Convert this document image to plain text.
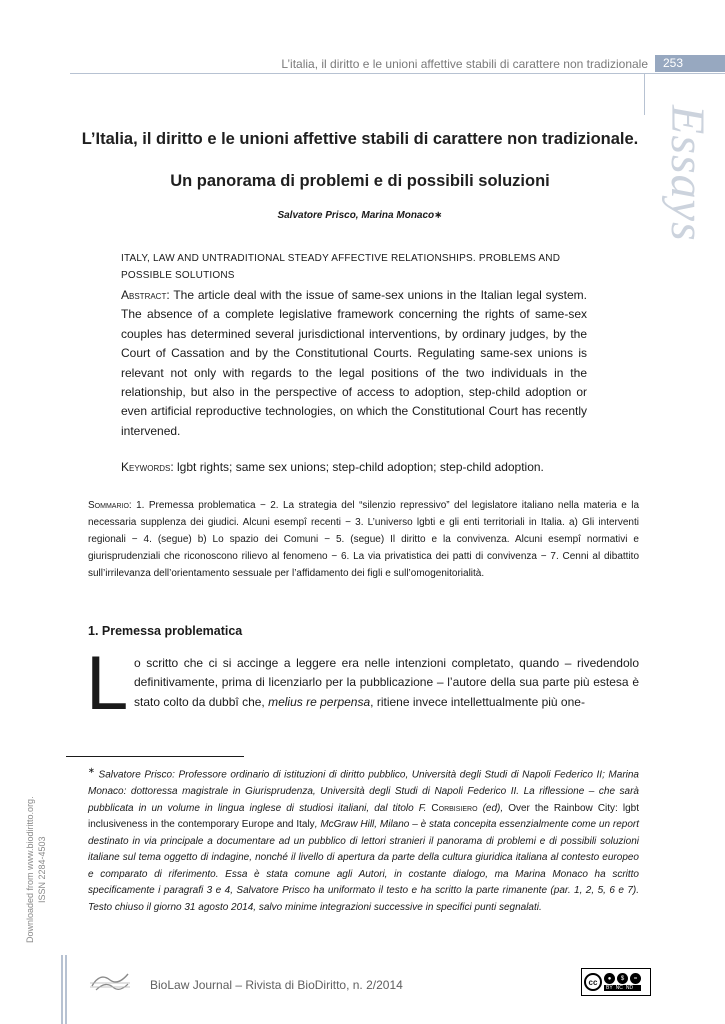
L’italia, il diritto e le unioni affettive stabili di carattere non tradizionale	253
Essays
L’Italia, il diritto e le unioni affettive stabili di carattere non tradizionale.
Un panorama di problemi e di possibili soluzioni
Salvatore Prisco, Marina Monaco∗
ITALY, LAW AND UNTRADITIONAL STEADY AFFECTIVE RELATIONSHIPS. PROBLEMS AND POSSIBLE SOLUTIONS
Abstract: The article deal with the issue of same-sex unions in the Italian legal system. The absence of a complete legislative framework concerning the rights of same-sex couples has determined several jurisdictional interventions, by ordinary judges, by the Court of Cassation and by the Constitutional Courts. Regulating same-sex unions is relevant not only with regards to the legal positions of the two individuals in the relationship, but also in the perspective of access to adoption, step-child adoption or even artificial reproductive technologies, on which the Constitutional Court has recently intervened.
Keywords: lgbt rights; same sex unions; step-child adoption; step-child adoption.
Sommario: 1. Premessa problematica − 2. La strategia del “silenzio repressivo” del legislatore italiano nella materia e la necessaria supplenza dei giudici. Alcuni esempî recenti − 3. L’universo lgbti e gli enti territoriali in Italia. a) Gli interventi regionali − 4. (segue) b) Lo spazio dei Comuni − 5. (segue) Il diritto e la convivenza. Alcuni esempî normativi e giurisprudenziali che riconoscono rilievo al fenomeno − 6. La via privatistica dei patti di convivenza − 7. Cenni al dibattito sull’irrilevanza dell’orientamento sessuale per l’affidamento dei figli e sull’omogenitorialità.
1. Premessa problematica
L o scritto che ci si accinge a leggere era nelle intenzioni completato, quando – rivedendolo definitivamente, prima di licenziarlo per la pubblicazione – l’autore della sua parte più estesa è stato colto da dubbî che, melius re perpensa, ritiene invece intellettualmente più one-
∗ Salvatore Prisco: Professore ordinario di istituzioni di diritto pubblico, Università degli Studi di Napoli Federico II; Marina Monaco: dottoressa magistrale in Giurisprudenza, Università degli Studi di Napoli Federico II. La riflessione – che sarà pubblicata in un volume in lingua inglese di studiosi italiani, dal titolo F. Corbisiero (ed), Over the Rainbow City: lgbt inclusiveness in the contemporary Europe and Italy, McGraw Hill, Milano – è stata concepita essenzialmente come un report destinato in via principale a documentare ad un pubblico di lettori stranieri il panorama di problemi e di possibili soluzioni italiane sul tema oggetto di indagine, nonché il livello di apertura da parte della cultura giuridica italiana al contesto europeo e comparato di riferimento. Essa è stata comune agli Autori, in costante dialogo, ma Marina Monaco ha scritto specificamente i paragrafi 3 e 4, Salvatore Prisco ha uniformato il testo e ha scritto la parte rimanente (par. 1, 2, 5, 6 e 7). Testo chiuso il giorno 31 agosto 2014, salvo minime integrazioni successive in specifici punti segnalati.
Downloaded from www.biodiritto.org. ISSN 2284-4503
BioLaw Journal – Rivista di BioDiritto, n. 2/2014	cc	●	$	=
BY NC ND
